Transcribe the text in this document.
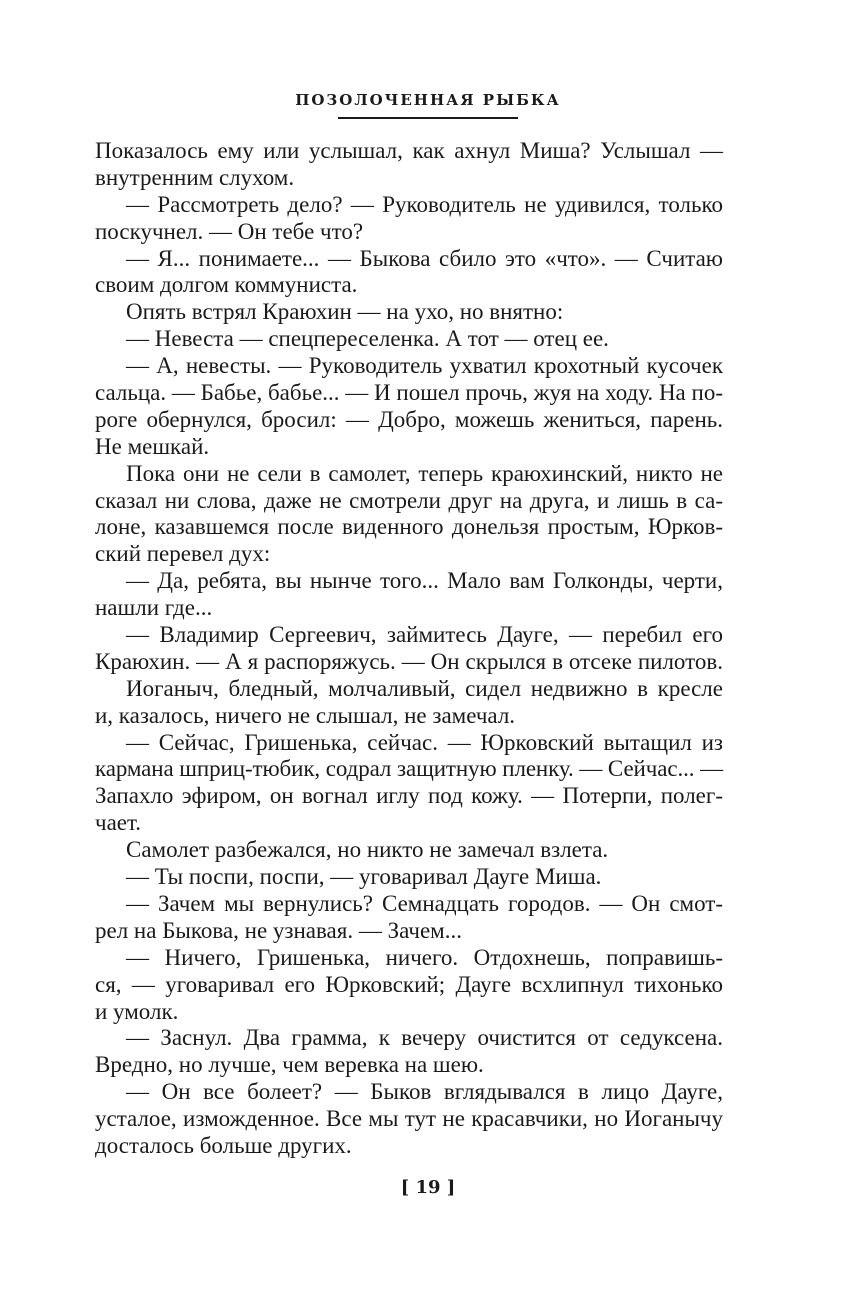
ПОЗОЛОЧЕННАЯ РЫБКА
Показалось ему или услышал, как ахнул Миша? Услышал —
внутренним слухом.
— Рассмотреть дело? — Руководитель не удивился, только
поскучнел. — Он тебе что?
— Я... понимаете... — Быкова сбило это «что». — Считаю
своим долгом коммуниста.
Опять встрял Краюхин — на ухо, но внятно:
— Невеста — спецпереселенка. А тот — отец ее.
— А, невесты. — Руководитель ухватил крохотный кусочек
сальца. — Бабье, бабье... — И пошел прочь, жуя на ходу. На по-
роге обернулся, бросил: — Добро, можешь жениться, парень.
Не мешкай.
Пока они не сели в самолет, теперь краюхинский, никто не
сказал ни слова, даже не смотрели друг на друга, и лишь в са-
лоне, казавшемся после виденного донельзя простым, Юрков-
ский перевел дух:
— Да, ребята, вы нынче того... Мало вам Голконды, черти,
нашли где...
— Владимир Сергеевич, займитесь Дауге, — перебил его
Краюхин. — А я распоряжусь. — Он скрылся в отсеке пилотов.
Иоганыч, бледный, молчаливый, сидел недвижно в кресле
и, казалось, ничего не слышал, не замечал.
— Сейчас, Гришенька, сейчас. — Юрковский вытащил из
кармана шприц-тюбик, содрал защитную пленку. — Сейчас... —
Запахло эфиром, он вогнал иглу под кожу. — Потерпи, полег-
чает.
Самолет разбежался, но никто не замечал взлета.
— Ты поспи, поспи, — уговаривал Дауге Миша.
— Зачем мы вернулись? Семнадцать городов. — Он смот-
рел на Быкова, не узнавая. — Зачем...
— Ничего, Гришенька, ничего. Отдохнешь, поправишь-
ся, — уговаривал его Юрковский; Дауге всхлипнул тихонько
и умолк.
— Заснул. Два грамма, к вечеру очистится от седуксена.
Вредно, но лучше, чем веревка на шею.
— Он все болеет? — Быков вглядывался в лицо Дауге,
усталое, изможденное. Все мы тут не красавчики, но Иоганычу
досталось больше других.
[ 19 ]
